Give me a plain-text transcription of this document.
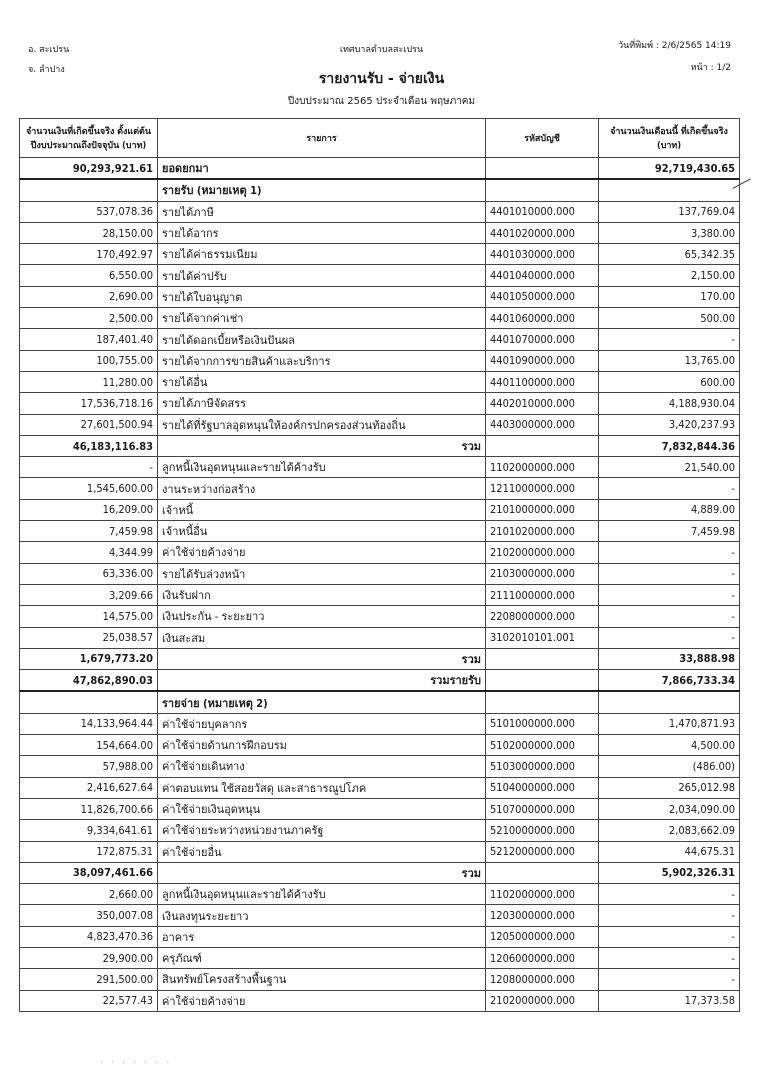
อ. สะเปรน
จ. ลำปาง
เทศบาลตำบลสะเปรน	วันที่พิมพ์ : 2/6/2565 14:19
หน้า : 1/2
รายงานรับ - จ่ายเงิน
ปีงบประมาณ 2565 ประจำเดือน พฤษภาคม
จำนวนเงินที่เกิดขึ้นจริง ตั้งแต่ต้นปีงบประมาณถึงปัจจุบัน (บาท)	รายการ	รหัสบัญชี	จำนวนเงินเดือนนี้ ที่เกิดขึ้นจริง (บาท)
90,293,921.61	ยอดยกมา		92,719,430.65
	รายรับ (หมายเหตุ 1)		
537,078.36	รายได้ภาษี	4401010000.000	137,769.04
28,150.00	รายได้อากร	4401020000.000	3,380.00
170,492.97	รายได้ค่าธรรมเนียม	4401030000.000	65,342.35
6,550.00	รายได้ค่าปรับ	4401040000.000	2,150.00
2,690.00	รายได้ใบอนุญาต	4401050000.000	170.00
2,500.00	รายได้จากค่าเช่า	4401060000.000	500.00
187,401.40	รายได้ดอกเบี้ยหรือเงินปันผล	4401070000.000	-
100,755.00	รายได้จากการขายสินค้าและบริการ	4401090000.000	13,765.00
11,280.00	รายได้อื่น	4401100000.000	600.00
17,536,718.16	รายได้ภาษีจัดสรร	4402010000.000	4,188,930.04
27,601,500.94	รายได้ที่รัฐบาลอุดหนุนให้องค์กรปกครองส่วนท้องถิ่น	4403000000.000	3,420,237.93
46,183,116.83	รวม		7,832,844.36
-	ลูกหนี้เงินอุดหนุนและรายได้ค้างรับ	1102000000.000	21,540.00
1,545,600.00	งานระหว่างก่อสร้าง	1211000000.000	-
16,209.00	เจ้าหนี้	2101000000.000	4,889.00
7,459.98	เจ้าหนี้อื่น	2101020000.000	7,459.98
4,344.99	ค่าใช้จ่ายค้างจ่าย	2102000000.000	-
63,336.00	รายได้รับล่วงหน้า	2103000000.000	-
3,209.66	เงินรับฝาก	2111000000.000	-
14,575.00	เงินประกัน - ระยะยาว	2208000000.000	-
25,038.57	เงินสะสม	3102010101.001	-
1,679,773.20	รวม		33,888.98
47,862,890.03	รวมรายรับ		7,866,733.34
	รายจ่าย (หมายเหตุ 2)		
14,133,964.44	ค่าใช้จ่ายบุคลากร	5101000000.000	1,470,871.93
154,664.00	ค่าใช้จ่ายด้านการฝึกอบรม	5102000000.000	4,500.00
57,988.00	ค่าใช้จ่ายเดินทาง	5103000000.000	(486.00)
2,416,627.64	ค่าตอบแทน ใช้สอยวัสดุ และสาธารณูปโภค	5104000000.000	265,012.98
11,826,700.66	ค่าใช้จ่ายเงินอุดหนุน	5107000000.000	2,034,090.00
9,334,641.61	ค่าใช้จ่ายระหว่างหน่วยงานภาครัฐ	5210000000.000	2,083,662.09
172,875.31	ค่าใช้จ่ายอื่น	5212000000.000	44,675.31
38,097,461.66	รวม		5,902,326.31
2,660.00	ลูกหนี้เงินอุดหนุนและรายได้ค้างรับ	1102000000.000	-
350,007.08	เงินลงทุนระยะยาว	1203000000.000	-
4,823,470.36	อาคาร	1205000000.000	-
29,900.00	ครุภัณฑ์	1206000000.000	-
291,500.00	สินทรัพย์โครงสร้างพื้นฐาน	1208000000.000	-
22,577.43	ค่าใช้จ่ายค้างจ่าย	2102000000.000	17,373.58
· · · · · · ·
